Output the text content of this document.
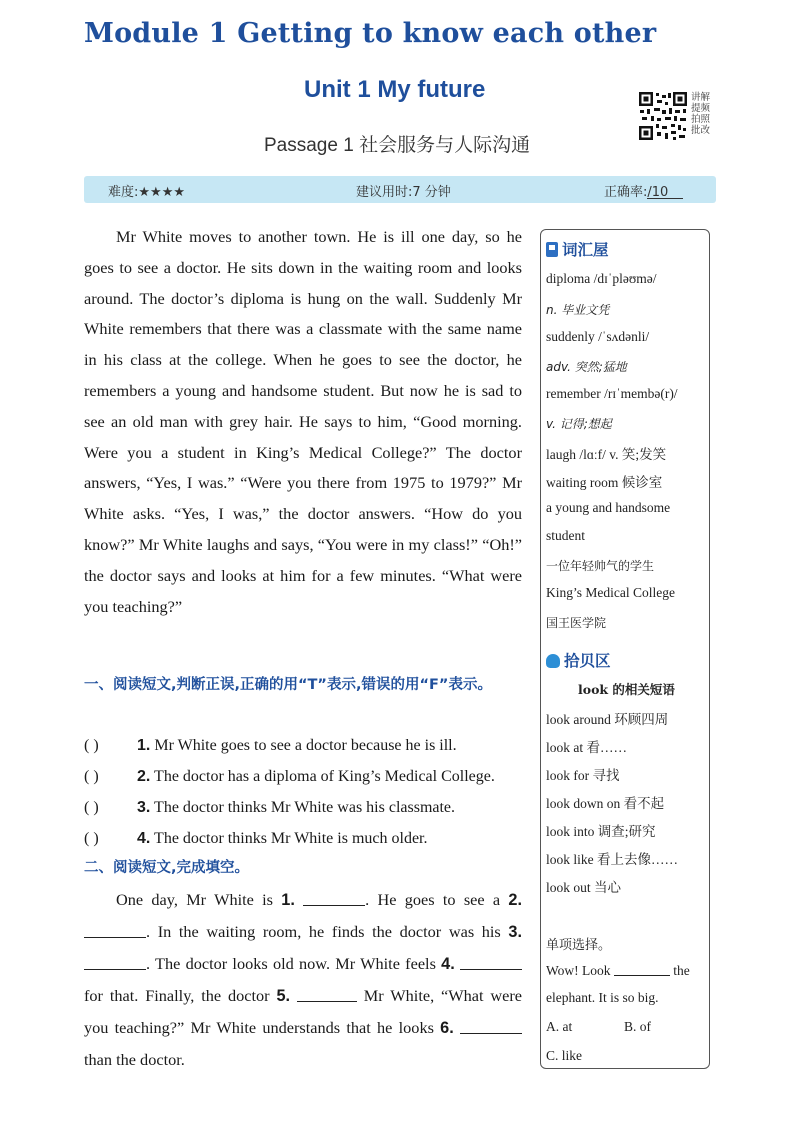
Module 1 Getting to know each other
Unit 1 My future
Passage 1 社会服务与人际沟通
讲解提频拍照批改
难度:★★★★	建议用时:7 分钟	正确率:
/10

Mr White moves to another town. He is ill one day, so he goes to see a doctor. He sits down in the waiting room and looks around. The doctor’s diploma is hung on the wall. Suddenly Mr White remembers that there was a classmate with the same name in his class at the college. When he goes to see the doctor, he remembers a young and handsome student. But now he is sad to see an old man with grey hair. He says to him, “Good morning. Were you a student in King’s Medical College?” The doctor answers, “Yes, I was.” “Were you there from 1975 to 1979?” Mr White asks. “Yes, I was,” the doctor answers. “How do you know?” Mr White laughs and says, “You were in my class!” “Oh!” the doctor says and looks at him for a few minutes. “What were you teaching?”

一、阅读短文,判断正误,正确的用“T”表示,错误的用“F”表示。
( ) 1. Mr White goes to see a doctor because he is ill.
( ) 2. The doctor has a diploma of King’s Medical College.
( ) 3. The doctor thinks Mr White was his classmate.
( ) 4. The doctor thinks Mr White is much older.
二、阅读短文,完成填空。

One day, Mr White is 1.	. He goes to see a 2. . In the waiting room, he finds the doctor was his 3. . The doctor looks old now. Mr White feels 4.  for that. Finally, the doctor 5.	Mr White, “What were you teaching?” Mr White understands that he looks 6.  than the doctor.

词汇屋
diploma /dɪˈpləʊmə/
n. 毕业文凭
suddenly /ˈsʌdənli/
adv. 突然;猛地
remember /rɪˈmembə(r)/
v. 记得;想起
laugh /lɑːf/ v. 笑;发笑
waiting room 候诊室
a young and handsome
student
一位年轻帅气的学生
King’s Medical College
国王医学院
拾贝区
look 的相关短语
look around 环顾四周
look at 看……
look for 寻找
look down on 看不起
look into 调查;研究
look like 看上去像……
look out 当心
单项选择。
Wow! Look	the
elephant. It is so big.
A. at	B. of
C. like
